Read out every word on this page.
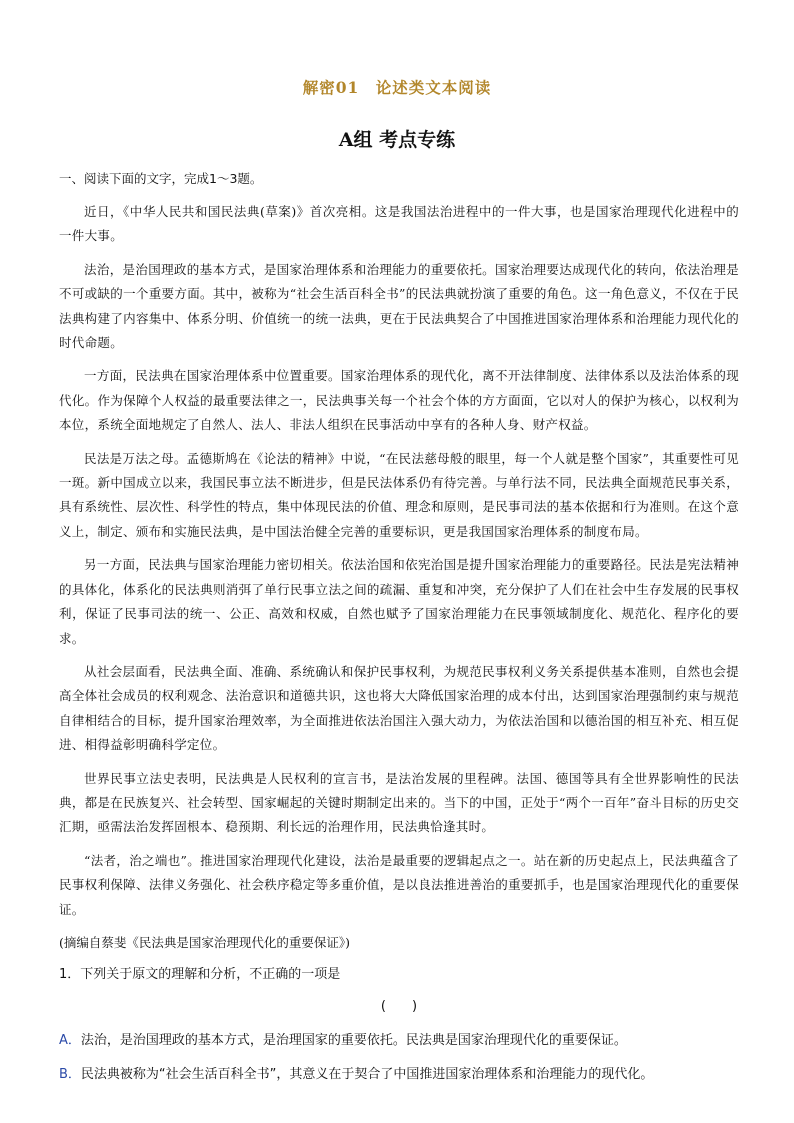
解密01　论述类文本阅读
A组 考点专练

一、阅读下面的文字，完成1～3题。

近日，《中华人民共和国民法典(草案)》首次亮相。这是我国法治进程中的一件大事，也是国家治理现代化进程中的一件大事。

法治，是治国理政的基本方式，是国家治理体系和治理能力的重要依托。国家治理要达成现代化的转向，依法治理是不可或缺的一个重要方面。其中，被称为“社会生活百科全书”的民法典就扮演了重要的角色。这一角色意义，不仅在于民法典构建了内容集中、体系分明、价值统一的统一法典，更在于民法典契合了中国推进国家治理体系和治理能力现代化的时代命题。

一方面，民法典在国家治理体系中位置重要。国家治理体系的现代化，离不开法律制度、法律体系以及法治体系的现代化。作为保障个人权益的最重要法律之一，民法典事关每一个社会个体的方方面面，它以对人的保护为核心，以权利为本位，系统全面地规定了自然人、法人、非法人组织在民事活动中享有的各种人身、财产权益。

民法是万法之母。孟德斯鸠在《论法的精神》中说，“在民法慈母般的眼里，每一个人就是整个国家”，其重要性可见一斑。新中国成立以来，我国民事立法不断进步，但是民法体系仍有待完善。与单行法不同，民法典全面规范民事关系，具有系统性、层次性、科学性的特点，集中体现民法的价值、理念和原则，是民事司法的基本依据和行为准则。在这个意义上，制定、颁布和实施民法典，是中国法治健全完善的重要标识，更是我国国家治理体系的制度布局。

另一方面，民法典与国家治理能力密切相关。依法治国和依宪治国是提升国家治理能力的重要路径。民法是宪法精神的具体化，体系化的民法典则消弭了单行民事立法之间的疏漏、重复和冲突，充分保护了人们在社会中生存发展的民事权利，保证了民事司法的统一、公正、高效和权威，自然也赋予了国家治理能力在民事领域制度化、规范化、程序化的要求。

从社会层面看，民法典全面、准确、系统确认和保护民事权利，为规范民事权利义务关系提供基本准则，自然也会提高全体社会成员的权利观念、法治意识和道德共识，这也将大大降低国家治理的成本付出，达到国家治理强制约束与规范自律相结合的目标，提升国家治理效率，为全面推进依法治国注入强大动力，为依法治国和以德治国的相互补充、相互促进、相得益彰明确科学定位。

世界民事立法史表明，民法典是人民权利的宣言书，是法治发展的里程碑。法国、德国等具有全世界影响性的民法典，都是在民族复兴、社会转型、国家崛起的关键时期制定出来的。当下的中国，正处于“两个一百年”奋斗目标的历史交汇期，亟需法治发挥固根本、稳预期、利长远的治理作用，民法典恰逢其时。

“法者，治之端也”。推进国家治理现代化建设，法治是最重要的逻辑起点之一。站在新的历史起点上，民法典蕴含了民事权利保障、法律义务强化、社会秩序稳定等多重价值，是以良法推进善治的重要抓手，也是国家治理现代化的重要保证。

(摘编自蔡斐《民法典是国家治理现代化的重要保证》)

1．下列关于原文的理解和分析，不正确的一项是

(　　)

A．法治，是治国理政的基本方式，是治理国家的重要依托。民法典是国家治理现代化的重要保证。

B．民法典被称为“社会生活百科全书”，其意义在于契合了中国推进国家治理体系和治理能力的现代化。
